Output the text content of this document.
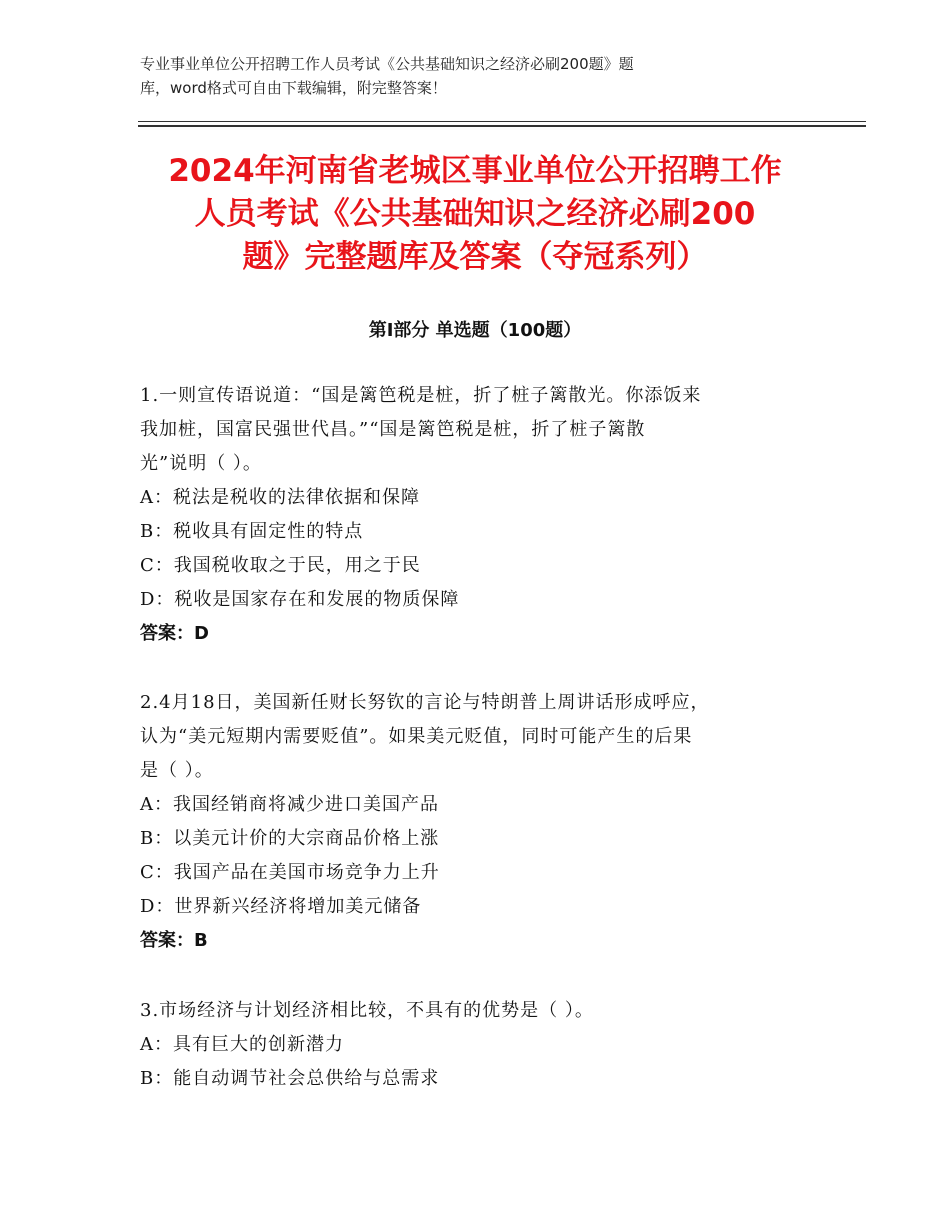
专业事业单位公开招聘工作人员考试《公共基础知识之经济必刷200题》题
库，word格式可自由下载编辑，附完整答案！
2024年河南省老城区事业单位公开招聘工作
人员考试《公共基础知识之经济必刷200
题》完整题库及答案（夺冠系列）
第Ⅰ部分 单选题（100题）
1.一则宣传语说道：“国是篱笆税是桩，折了桩子篱散光。你添饭来
我加桩，国富民强世代昌。”“国是篱笆税是桩，折了桩子篱散
光”说明（ ）。
A：税法是税收的法律依据和保障
B：税收具有固定性的特点
C：我国税收取之于民，用之于民
D：税收是国家存在和发展的物质保障
答案：D
2.4月18日，美国新任财长努钦的言论与特朗普上周讲话形成呼应，
认为“美元短期内需要贬值”。如果美元贬值，同时可能产生的后果
是（ ）。
A：我国经销商将减少进口美国产品
B：以美元计价的大宗商品价格上涨
C：我国产品在美国市场竞争力上升
D：世界新兴经济将增加美元储备
答案：B
3.市场经济与计划经济相比较，不具有的优势是（ ）。
A：具有巨大的创新潜力
B：能自动调节社会总供给与总需求
